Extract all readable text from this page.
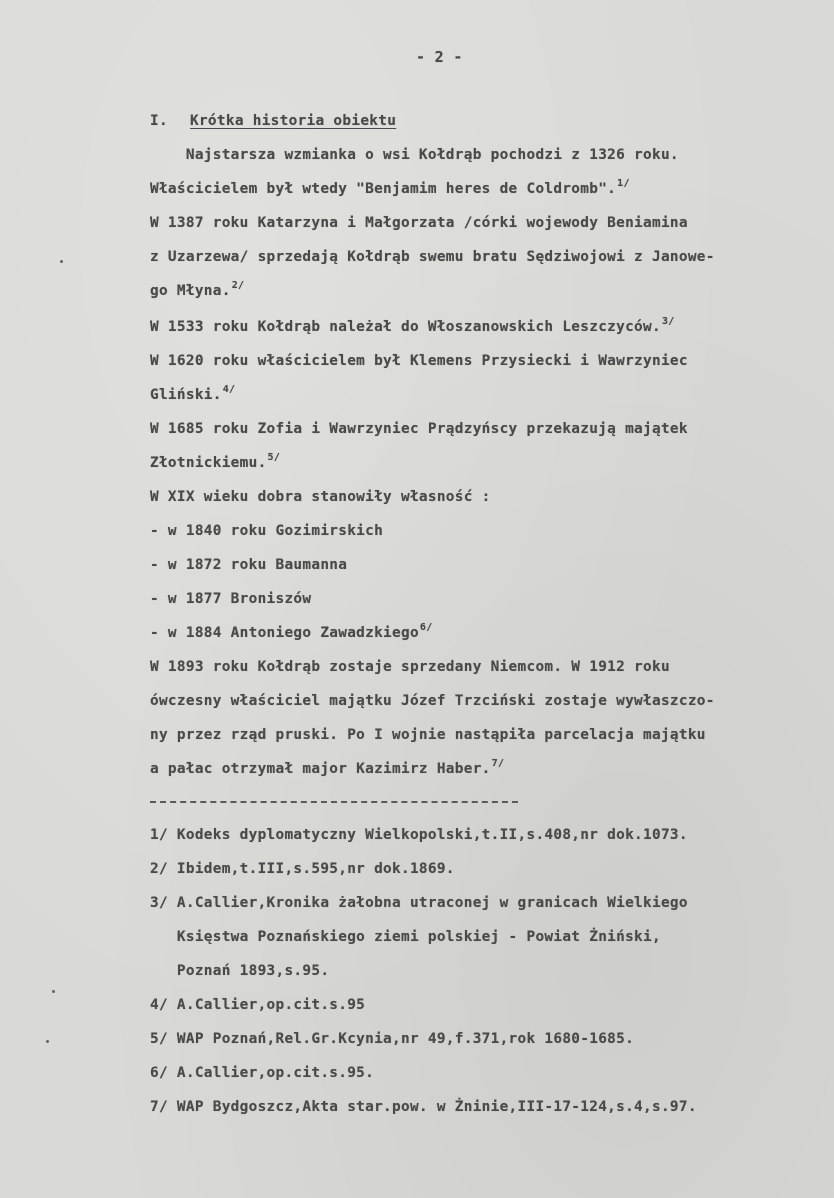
- 2 -
I. Krótka historia obiektu
Najstarsza wzmianka o wsi Kołdrąb pochodzi z 1326 roku.
Właścicielem był wtedy "Benjamim heres de Coldromb".$^{1/}$
W 1387 roku Katarzyna i Małgorzata /córki wojewody Beniamina
z Uzarzewa/ sprzedają Kołdrąb swemu bratu Sędziwojowi z Janowe-
go Młyna.$^{2/}$
W 1533 roku Kołdrąb należał do Włoszanowskich Leszczyców.$^{3/}$
W 1620 roku właścicielem był Klemens Przysiecki i Wawrzyniec
Gliński.$^{4/}$
W 1685 roku Zofia i Wawrzyniec Prądzyńscy przekazują majątek
Złotnickiemu.$^{5/}$
W XIX wieku dobra stanowiły własność :
- w 1840 roku Gozimirskich
- w 1872 roku Baumanna
- w 1877 Broniszów
- w 1884 Antoniego Zawadzkiego$^{6/}$
W 1893 roku Kołdrąb zostaje sprzedany Niemcom. W 1912 roku
ówczesny właściciel majątku Józef Trzciński zostaje wywłaszczo-
ny przez rząd pruski. Po I wojnie nastąpiła parcelacja majątku
a pałac otrzymał major Kazimirz Haber.$^{7/}$
1/ Kodeks dyplomatyczny Wielkopolski,t.II,s.408,nr dok.1073.
2/ Ibidem,t.III,s.595,nr dok.1869.
3/ A.Callier,Kronika żałobna utraconej w granicach Wielkiego
Księstwa Poznańskiego ziemi polskiej - Powiat Żniński,
Poznań 1893,s.95.
4/ A.Callier,op.cit.s.95
5/ WAP Poznań,Rel.Gr.Kcynia,nr 49,f.371,rok 1680-1685.
6/ A.Callier,op.cit.s.95.
7/ WAP Bydgoszcz,Akta star.pow. w Żninie,III-17-124,s.4,s.97.
